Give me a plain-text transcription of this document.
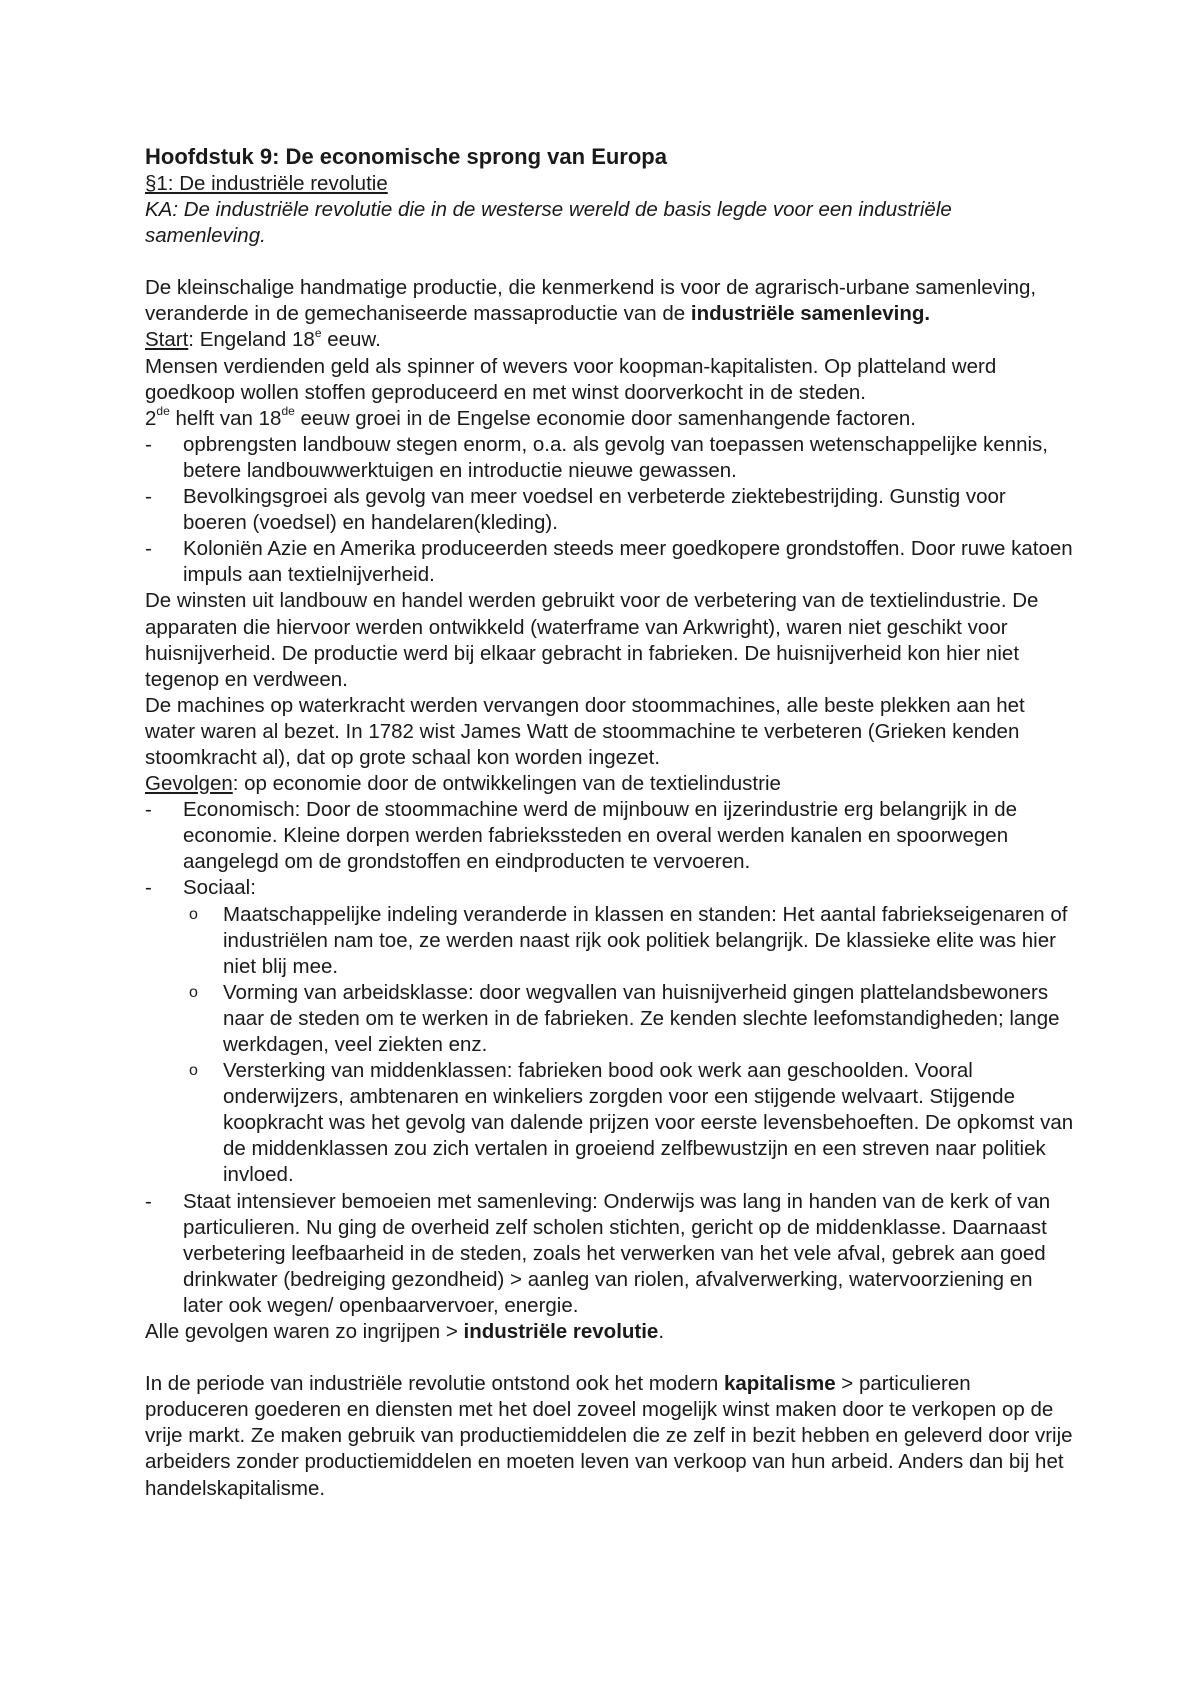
Hoofdstuk 9: De economische sprong van Europa

§1: De industriële revolutie

KA: De industriële revolutie die in de westerse wereld de basis legde voor een industriële samenleving.

De kleinschalige handmatige productie, die kenmerkend is voor de agrarisch-urbane samenleving, veranderde in de gemechaniseerde massaproductie van de industriële samenleving.

Start: Engeland 18e eeuw.

Mensen verdienden geld als spinner of wevers voor koopman-kapitalisten. Op platteland werd goedkoop wollen stoffen geproduceerd en met winst doorverkocht in de steden.

2de helft van 18de eeuw groei in de Engelse economie door samenhangende factoren.

- opbrengsten landbouw stegen enorm, o.a. als gevolg van toepassen wetenschappelijke kennis, betere landbouwwerktuigen en introductie nieuwe gewassen.
- Bevolkingsgroei als gevolg van meer voedsel en verbeterde ziektebestrijding. Gunstig voor boeren (voedsel) en handelaren(kleding).
- Koloniën Azie en Amerika produceerden steeds meer goedkopere grondstoffen. Door ruwe katoen impuls aan textielnijverheid.

De winsten uit landbouw en handel werden gebruikt voor de verbetering van de textielindustrie. De apparaten die hiervoor werden ontwikkeld (waterframe van Arkwright), waren niet geschikt voor huisnijverheid. De productie werd bij elkaar gebracht in fabrieken. De huisnijverheid kon hier niet tegenop en verdween.

De machines op waterkracht werden vervangen door stoommachines, alle beste plekken aan het water waren al bezet. In 1782 wist James Watt de stoommachine te verbeteren (Grieken kenden stoomkracht al), dat op grote schaal kon worden ingezet.

Gevolgen: op economie door de ontwikkelingen van de textielindustrie

- Economisch: Door de stoommachine werd de mijnbouw en ijzerindustrie erg belangrijk in de economie. Kleine dorpen werden fabriekssteden en overal werden kanalen en spoorwegen aangelegd om de grondstoffen en eindproducten te vervoeren.
- Sociaal:
o Maatschappelijke indeling veranderde in klassen en standen: Het aantal fabriekseigenaren of industriëlen nam toe, ze werden naast rijk ook politiek belangrijk. De klassieke elite was hier niet blij mee.
o Vorming van arbeidsklasse: door wegvallen van huisnijverheid gingen plattelandsbewoners naar de steden om te werken in de fabrieken. Ze kenden slechte leefomstandigheden; lange werkdagen, veel ziekten enz.
o Versterking van middenklassen: fabrieken bood ook werk aan geschoolden. Vooral onderwijzers, ambtenaren en winkeliers zorgden voor een stijgende welvaart. Stijgende koopkracht was het gevolg van dalende prijzen voor eerste levensbehoeften. De opkomst van de middenklassen zou zich vertalen in groeiend zelfbewustzijn en een streven naar politiek invloed.
- Staat intensiever bemoeien met samenleving: Onderwijs was lang in handen van de kerk of van particulieren. Nu ging de overheid zelf scholen stichten, gericht op de middenklasse. Daarnaast verbetering leefbaarheid in de steden, zoals het verwerken van het vele afval, gebrek aan goed drinkwater (bedreiging gezondheid) > aanleg van riolen, afvalverwerking, watervoorziening en later ook wegen/ openbaarvervoer, energie.

Alle gevolgen waren zo ingrijpen > industriële revolutie.

In de periode van industriële revolutie ontstond ook het modern kapitalisme > particulieren produceren goederen en diensten met het doel zoveel mogelijk winst maken door te verkopen op de vrije markt. Ze maken gebruik van productiemiddelen die ze zelf in bezit hebben en geleverd door vrije arbeiders zonder productiemiddelen en moeten leven van verkoop van hun arbeid. Anders dan bij het handelskapitalisme.
